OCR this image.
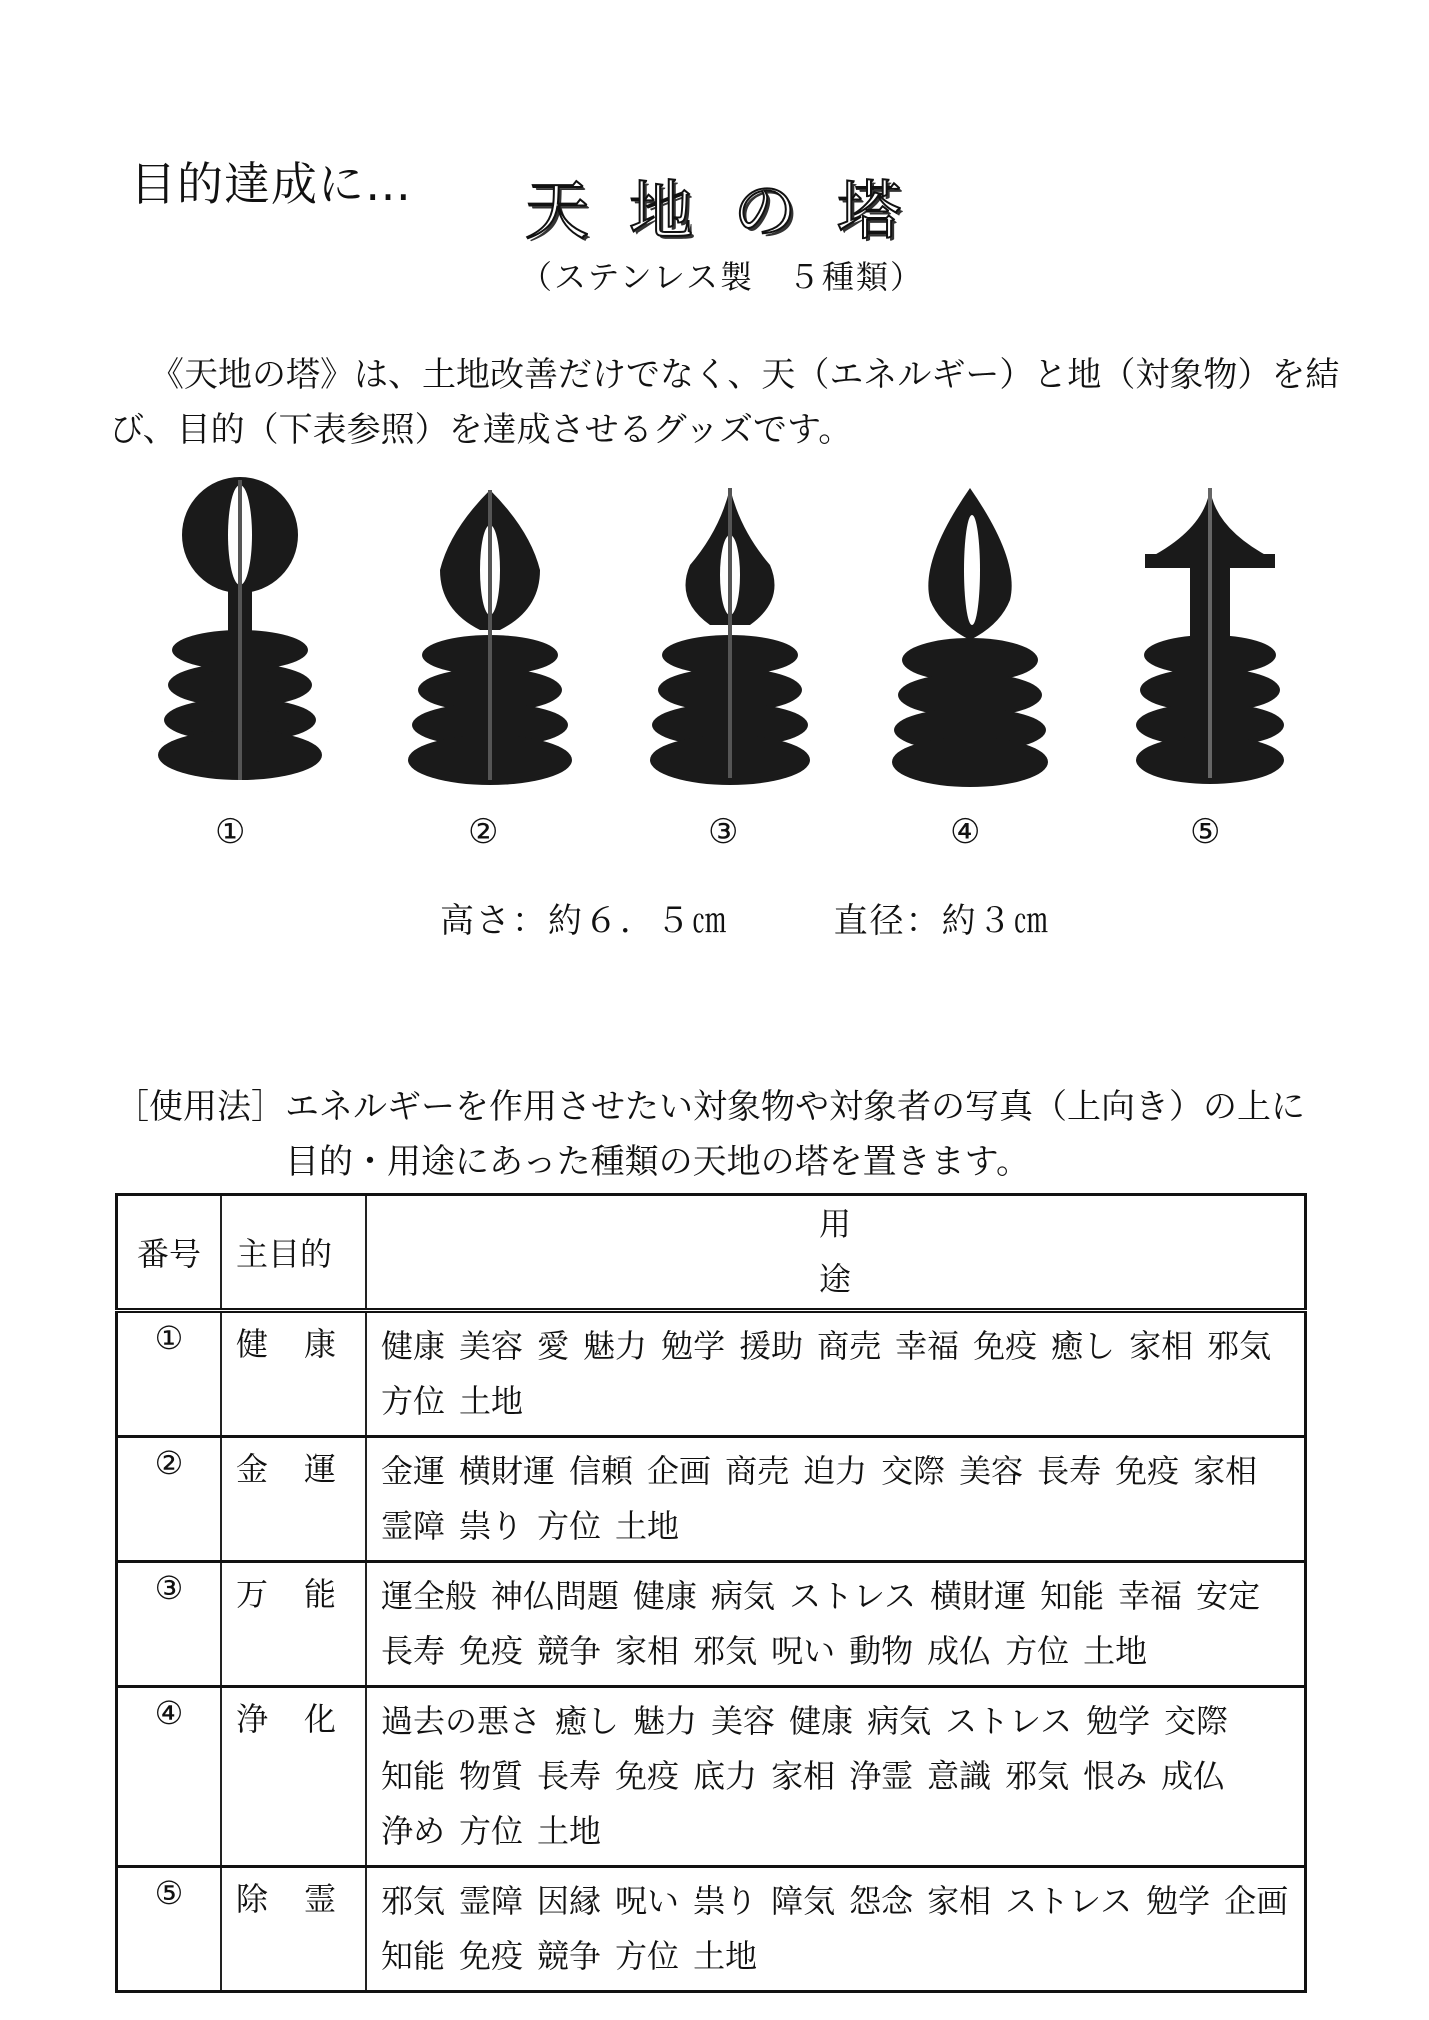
目的達成に… 天地の塔
（ステンレス製　５種類）
《天地の塔》は、土地改善だけでなく、天（エネルギー）と地（対象物）を結
び、目的（下表参照）を達成させるグッズです。
①	②	③	④	⑤
高さ：約６．５㎝	直径：約３㎝
［使用法］エネルギーを作用させたい対象物や対象者の写真（上向き）の上に
目的・用途にあった種類の天地の塔を置きます。
番号	主目的	用途
①	健 康	健康 美容 愛 魅力 勉学 援助 商売 幸福 免疫 癒し 家相 邪気方位 土地
②	金 運	金運 横財運 信頼 企画 商売 迫力 交際 美容 長寿 免疫 家相霊障 祟り 方位 土地
③	万 能	運全般 神仏問題 健康 病気 ストレス 横財運 知能 幸福 安定長寿 免疫 競争 家相 邪気 呪い 動物 成仏 方位 土地
④	浄 化	過去の悪さ 癒し 魅力 美容 健康 病気 ストレス 勉学 交際知能 物質 長寿 免疫 底力 家相 浄霊 意識 邪気 恨み 成仏浄め 方位 土地
⑤	除 霊	邪気 霊障 因縁 呪い 祟り 障気 怨念 家相 ストレス 勉学 企画知能 免疫 競争 方位 土地
